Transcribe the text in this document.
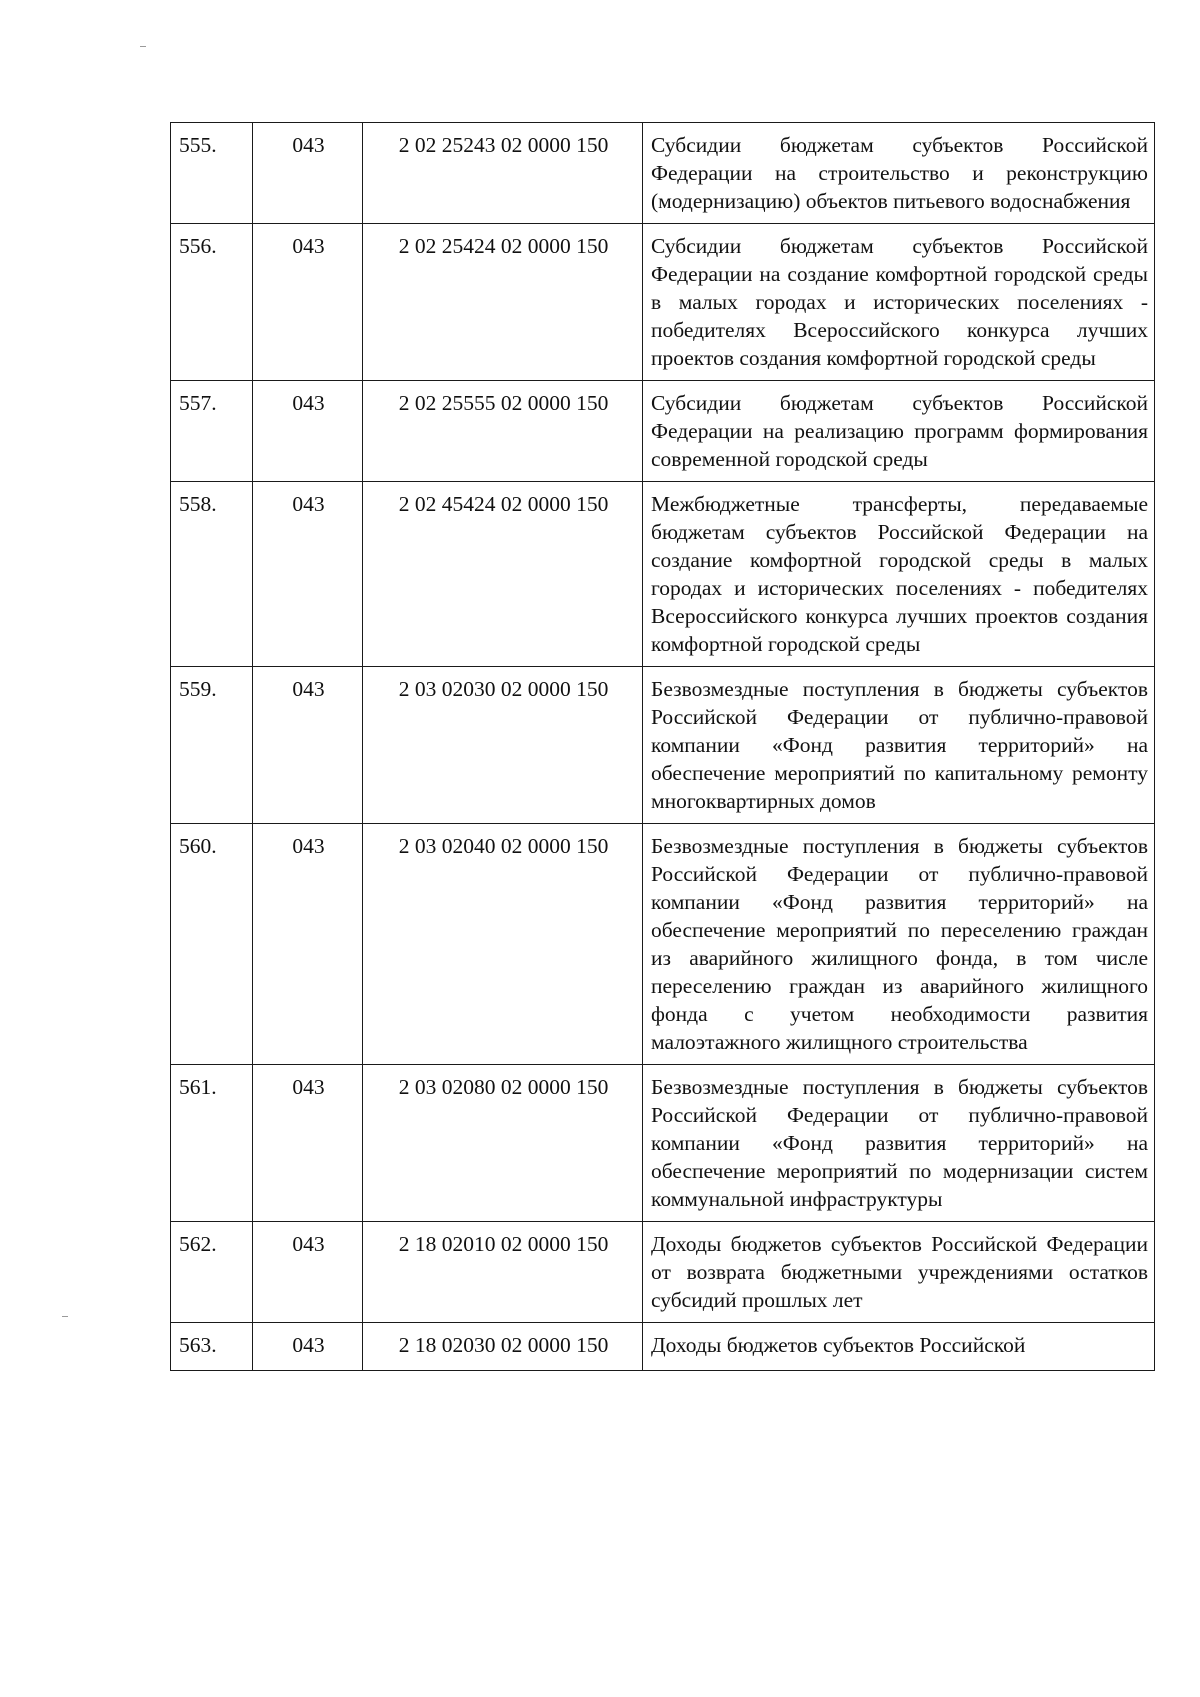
555.	043	2 02 25243 02 0000 150	Субсидии бюджетам субъектов Российской Федерации на строительство и реконструкцию (модернизацию) объектов питьевого водоснабжения
556.	043	2 02 25424 02 0000 150	Субсидии бюджетам субъектов Российской Федерации на создание комфортной городской среды в малых городах и исторических поселениях - победителях Всероссийского конкурса лучших проектов создания комфортной городской среды
557.	043	2 02 25555 02 0000 150	Субсидии бюджетам субъектов Российской Федерации на реализацию программ формирования современной городской среды
558.	043	2 02 45424 02 0000 150	Межбюджетные трансферты, передаваемые бюджетам субъектов Российской Федерации на создание комфортной городской среды в малых городах и исторических поселениях - победителях Всероссийского конкурса лучших проектов создания комфортной городской среды
559.	043	2 03 02030 02 0000 150	Безвозмездные поступления в бюджеты субъектов Российской Федерации от публично-правовой компании «Фонд развития территорий» на обеспечение мероприятий по капитальному ремонту многоквартирных домов
560.	043	2 03 02040 02 0000 150	Безвозмездные поступления в бюджеты субъектов Российской Федерации от публично-правовой компании «Фонд развития территорий» на обеспечение мероприятий по переселению граждан из аварийного жилищного фонда, в том числе переселению граждан из аварийного жилищного фонда с учетом необходимости развития малоэтажного жилищного строительства
561.	043	2 03 02080 02 0000 150	Безвозмездные поступления в бюджеты субъектов Российской Федерации от публично-правовой компании «Фонд развития территорий» на обеспечение мероприятий по модернизации систем коммунальной инфраструктуры
562.	043	2 18 02010 02 0000 150	Доходы бюджетов субъектов Российской Федерации от возврата бюджетными учреждениями остатков субсидий прошлых лет
563.	043	2 18 02030 02 0000 150	Доходы бюджетов субъектов Российской
